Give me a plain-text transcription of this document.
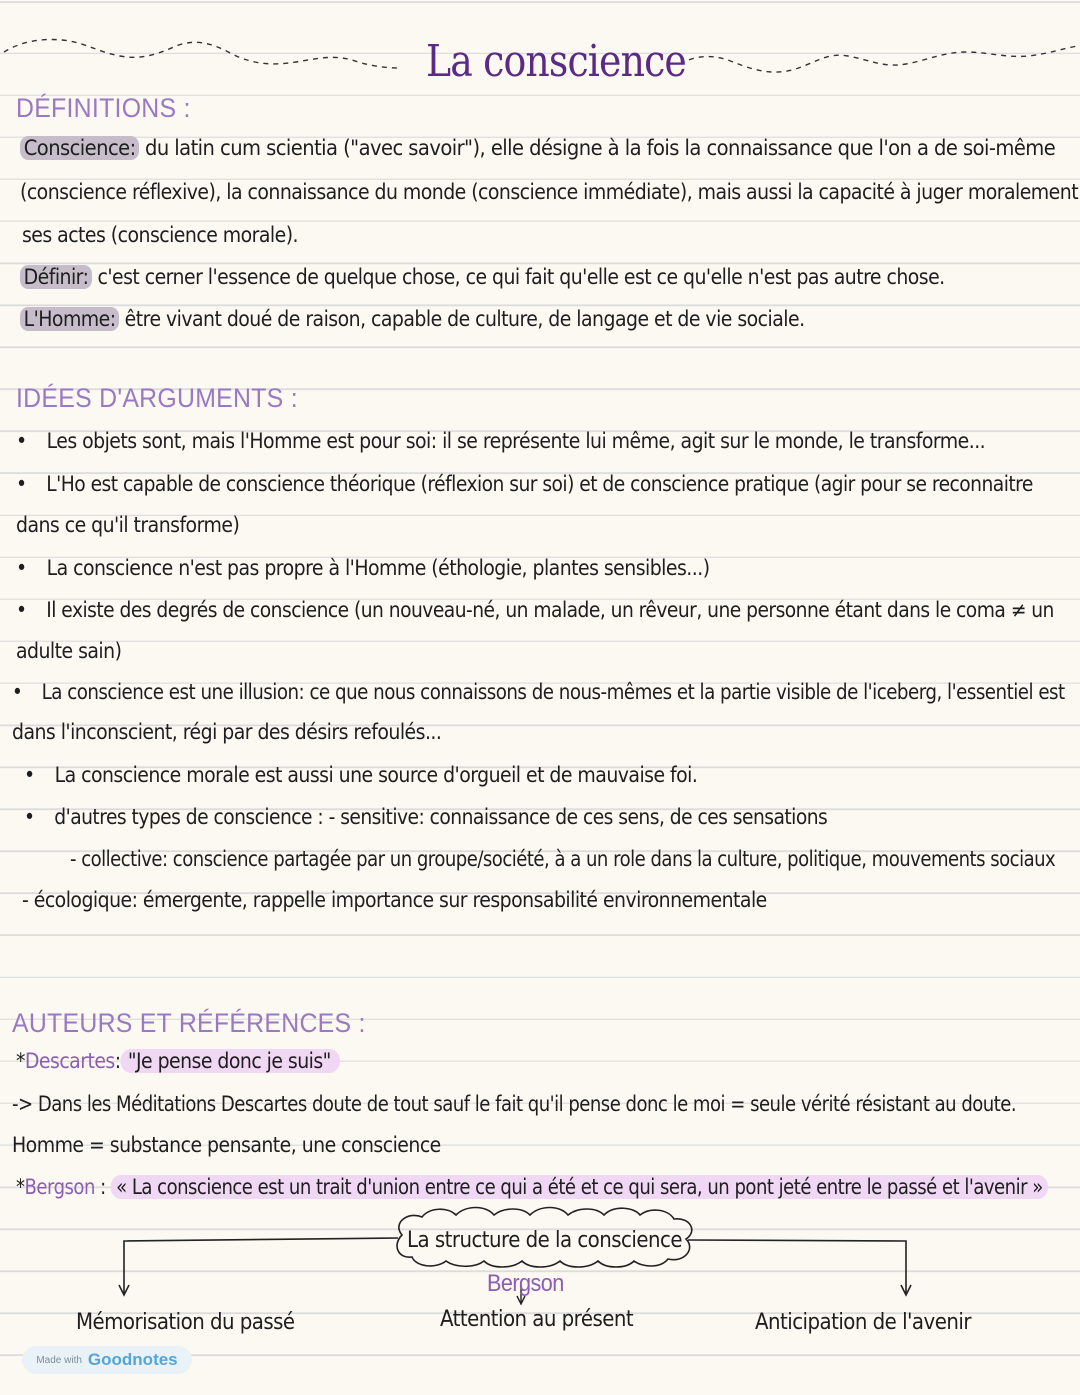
La conscience
DÉFINITIONS :
Conscience: du latin cum scientia ("avec savoir"), elle désigne à la fois la connaissance que l'on a de soi-même
(conscience réflexive), la connaissance du monde (conscience immédiate), mais aussi la capacité à juger moralement
ses actes (conscience morale).
Définir: c'est cerner l'essence de quelque chose, ce qui fait qu'elle est ce qu'elle n'est pas autre chose.
L'Homme: être vivant doué de raison, capable de culture, de langage et de vie sociale.
IDÉES D'ARGUMENTS :
• Les objets sont, mais l'Homme est pour soi: il se représente lui même, agit sur le monde, le transforme...
• L'Ho est capable de conscience théorique (réflexion sur soi) et de conscience pratique (agir pour se reconnaitre
dans ce qu'il transforme)
• La conscience n'est pas propre à l'Homme (éthologie, plantes sensibles...)
• Il existe des degrés de conscience (un nouveau-né, un malade, un rêveur, une personne étant dans le coma ≠ un
adulte sain)
• La conscience est une illusion: ce que nous connaissons de nous-mêmes et la partie visible de l'iceberg, l'essentiel est
dans l'inconscient, régi par des désirs refoulés...
• La conscience morale est aussi une source d'orgueil et de mauvaise foi.
• d'autres types de conscience : - sensitive: connaissance de ces sens, de ces sensations
- collective: conscience partagée par un groupe/société, à a un role dans la culture, politique, mouvements sociaux
- écologique: émergente, rappelle importance sur responsabilité environnementale
AUTEURS ET RÉFÉRENCES :
*Descartes: "Je pense donc je suis"
-> Dans les Méditations Descartes doute de tout sauf le fait qu'il pense donc le moi = seule vérité résistant au doute.
Homme = substance pensante, une conscience
*Bergson : « La conscience est un trait d'union entre ce qui a été et ce qui sera, un pont jeté entre le passé et l'avenir »
La structure de la conscience
Bergson
Mémorisation du passé	Attention au présent	Anticipation de l'avenir
Made with Goodnotes
